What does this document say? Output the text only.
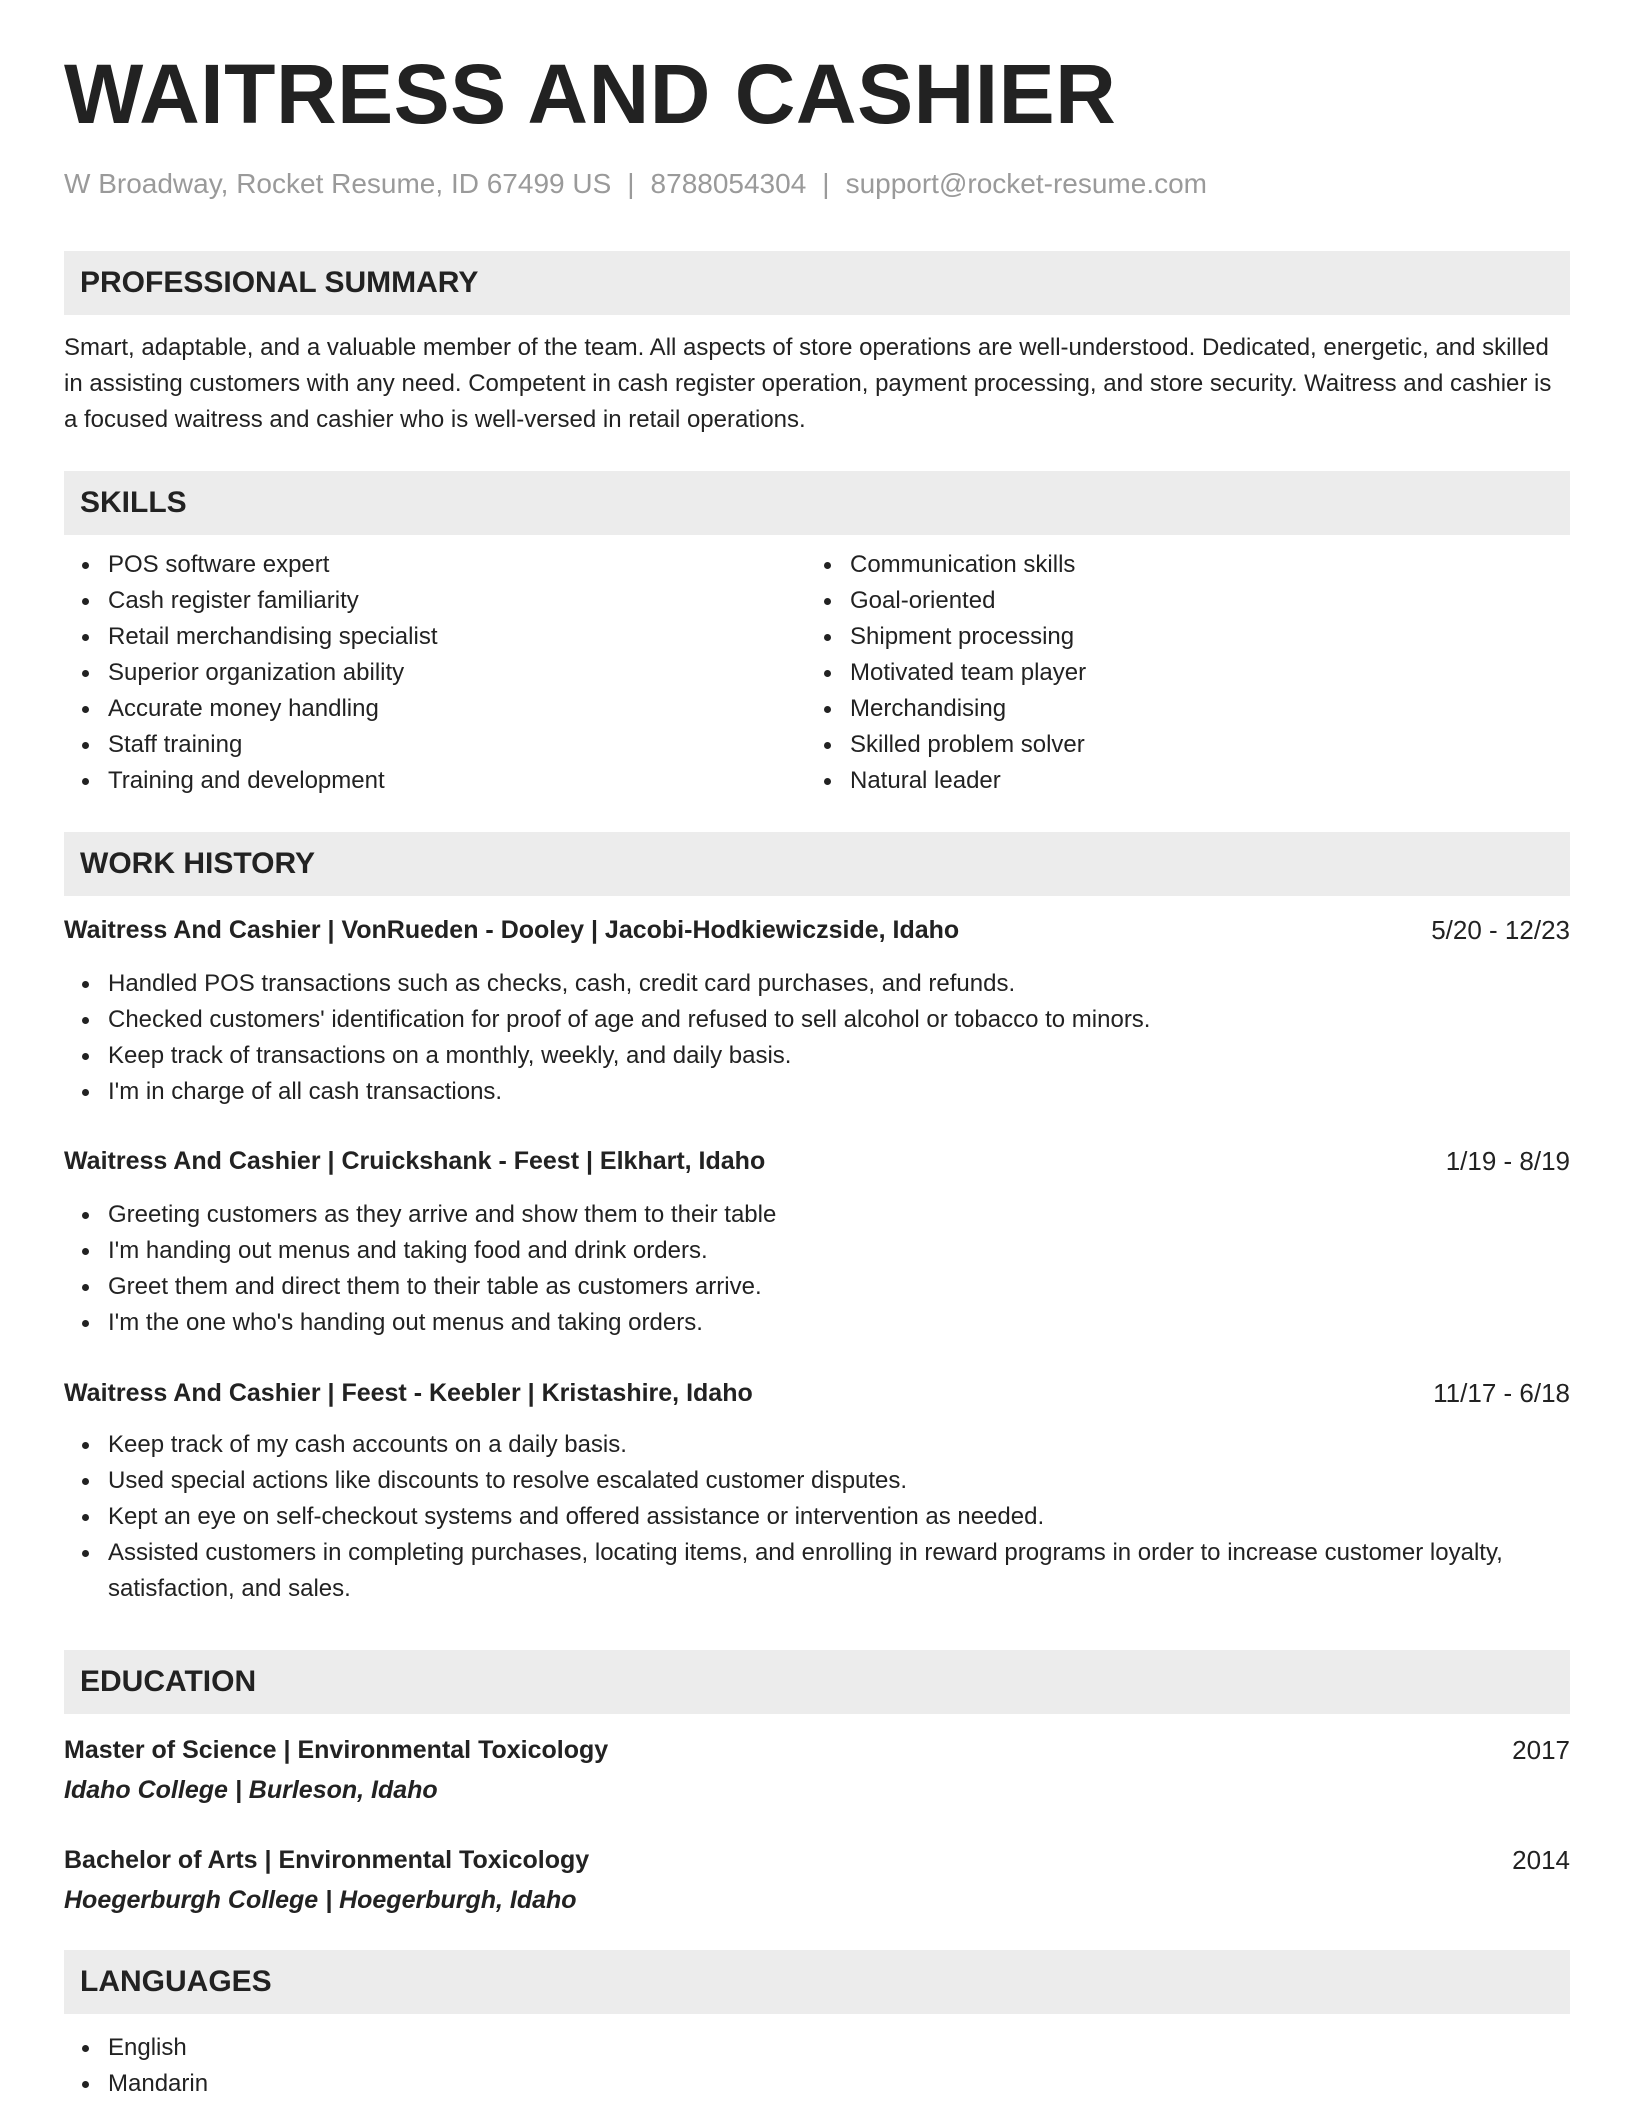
WAITRESS AND CASHIER
W Broadway, Rocket Resume, ID 67499 US | 8788054304 | support@rocket-resume.com
PROFESSIONAL SUMMARY
Smart, adaptable, and a valuable member of the team. All aspects of store operations are well-understood. Dedicated, energetic, and skilled in assisting customers with any need. Competent in cash register operation, payment processing, and store security. Waitress and cashier is a focused waitress and cashier who is well-versed in retail operations.
SKILLS
POS software expert
Cash register familiarity
Retail merchandising specialist
Superior organization ability
Accurate money handling
Staff training
Training and development
Communication skills
Goal-oriented
Shipment processing
Motivated team player
Merchandising
Skilled problem solver
Natural leader
WORK HISTORY
Waitress And Cashier | VonRueden - Dooley | Jacobi-Hodkiewiczside, Idaho	5/20 - 12/23
Handled POS transactions such as checks, cash, credit card purchases, and refunds.
Checked customers' identification for proof of age and refused to sell alcohol or tobacco to minors.
Keep track of transactions on a monthly, weekly, and daily basis.
I'm in charge of all cash transactions.
Waitress And Cashier | Cruickshank - Feest | Elkhart, Idaho	1/19 - 8/19
Greeting customers as they arrive and show them to their table
I'm handing out menus and taking food and drink orders.
Greet them and direct them to their table as customers arrive.
I'm the one who's handing out menus and taking orders.
Waitress And Cashier | Feest - Keebler | Kristashire, Idaho	11/17 - 6/18
Keep track of my cash accounts on a daily basis.
Used special actions like discounts to resolve escalated customer disputes.
Kept an eye on self-checkout systems and offered assistance or intervention as needed.
Assisted customers in completing purchases, locating items, and enrolling in reward programs in order to increase customer loyalty, satisfaction, and sales.
EDUCATION
Master of Science | Environmental Toxicology	2017
Idaho College | Burleson, Idaho
Bachelor of Arts | Environmental Toxicology	2014
Hoegerburgh College | Hoegerburgh, Idaho
LANGUAGES
English
Mandarin
